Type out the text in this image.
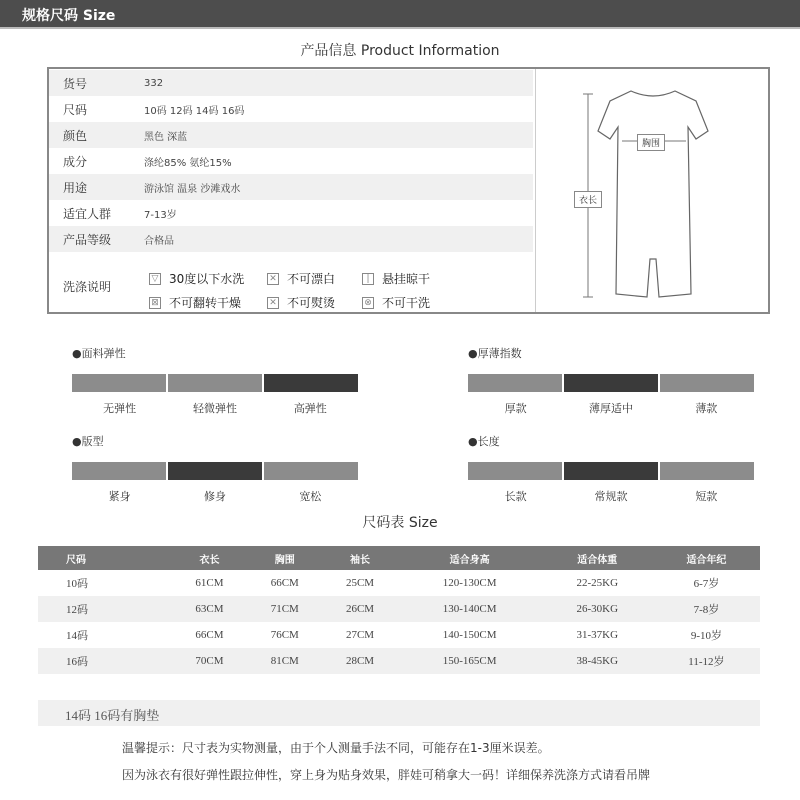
规格尺码 Size
产品信息 Product Information
货号	332
尺码	10码 12码 14码 16码
颜色	黑色 深蓝
成分	涤纶85% 氨纶15%
用途	游泳馆 温泉 沙滩戏水
适宜人群	7-13岁
产品等级	合格品
洗涤说明
▽ 30度以下水洗	✕ 不可漂白	|	悬挂晾干
⊠ 不可翻转干燥	✕ 不可熨烫	⊗ 不可干洗
胸围
衣长
●面料弹性
无弹性	轻微弹性	高弹性
●厚薄指数
厚款	薄厚适中	薄款
●版型
紧身	修身	宽松
●长度
长款	常规款	短款
尺码表 Size
尺码	衣长	胸围	袖长	适合身高	适合体重	适合年纪
10码	61CM	66CM	25CM	120-130CM	22-25KG	6-7岁
12码	63CM	71CM	26CM	130-140CM	26-30KG	7-8岁
14码	66CM	76CM	27CM	140-150CM	31-37KG	9-10岁
16码	70CM	81CM	28CM	150-165CM	38-45KG	11-12岁
14码 16码有胸垫
温馨提示：尺寸表为实物测量，由于个人测量手法不同，可能存在1-3厘米误差。
因为泳衣有很好弹性跟拉伸性，穿上身为贴身效果，胖娃可稍拿大一码！详细保养洗涤方式请看吊牌
